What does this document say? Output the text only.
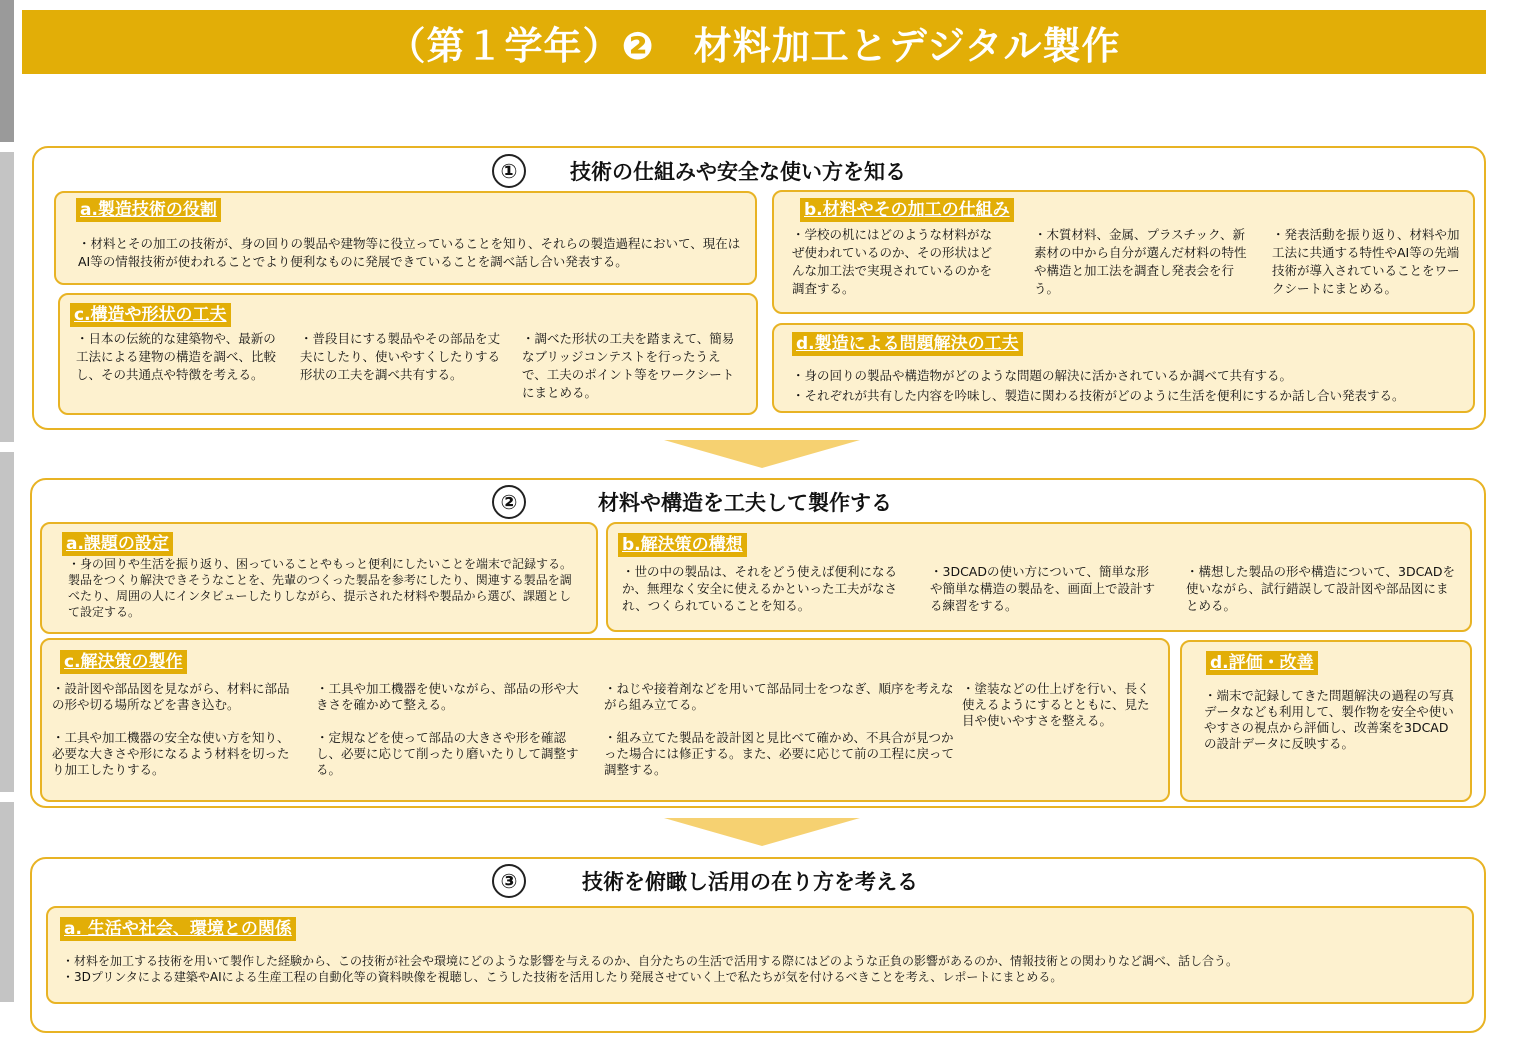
（第１学年）❷　材料加工とデジタル製作
①	技術の仕組みや安全な使い方を知る
a.製造技術の役割
・材料とその加工の技術が、身の回りの製品や建物等に役立っていることを知り、それらの製造過程において、現在はAI等の情報技術が使われることでより便利なものに発展できていることを調べ話し合い発表する。
c.構造や形状の工夫
・日本の伝統的な建築物や、最新の工法による建物の構造を調べ、比較し、その共通点や特徴を考える。
・普段目にする製品やその部品を丈夫にしたり、使いやすくしたりする形状の工夫を調べ共有する。
・調べた形状の工夫を踏まえて、簡易なブリッジコンテストを行ったうえで、工夫のポイント等をワークシートにまとめる。
b.材料やその加工の仕組み
・学校の机にはどのような材料がなぜ使われているのか、その形状はどんな加工法で実現されているのかを調査する。
・木質材料、金属、プラスチック、新素材の中から自分が選んだ材料の特性や構造と加工法を調査し発表会を行う。
・発表活動を振り返り、材料や加工法に共通する特性やAI等の先端技術が導入されていることをワークシートにまとめる。
d.製造による問題解決の工夫
・身の回りの製品や構造物がどのような問題の解決に活かされているか調べて共有する。
・それぞれが共有した内容を吟味し、製造に関わる技術がどのように生活を便利にするか話し合い発表する。
②	材料や構造を工夫して製作する
a.課題の設定
・身の回りや生活を振り返り、困っていることやもっと便利にしたいことを端末で記録する。製品をつくり解決できそうなことを、先輩のつくった製品を参考にしたり、関連する製品を調べたり、周囲の人にインタビューしたりしながら、提示された材料や製品から選び、課題として設定する。
b.解決策の構想
・世の中の製品は、それをどう使えば便利になるか、無理なく安全に使えるかといった工夫がなされ、つくられていることを知る。
・3DCADの使い方について、簡単な形や簡単な構造の製品を、画面上で設計する練習をする。
・構想した製品の形や構造について、3DCADを使いながら、試行錯誤して設計図や部品図にまとめる。
c.解決策の製作
・設計図や部品図を見ながら、材料に部品の形や切る場所などを書き込む。
・工具や加工機器の安全な使い方を知り、必要な大きさや形になるよう材料を切ったり加工したりする。
・工具や加工機器を使いながら、部品の形や大きさを確かめて整える。
・定規などを使って部品の大きさや形を確認し、必要に応じて削ったり磨いたりして調整する。
・ねじや接着剤などを用いて部品同士をつなぎ、順序を考えながら組み立てる。
・組み立てた製品を設計図と見比べて確かめ、不具合が見つかった場合には修正する。また、必要に応じて前の工程に戻って調整する。
・塗装などの仕上げを行い、長く使えるようにするとともに、見た目や使いやすさを整える。
d.評価・改善
・端末で記録してきた問題解決の過程の写真データなども利用して、製作物を安全や使いやすさの視点から評価し、改善案を3DCADの設計データに反映する。
③	技術を俯瞰し活用の在り方を考える
a. 生活や社会、環境との関係
・材料を加工する技術を用いて製作した経験から、この技術が社会や環境にどのような影響を与えるのか、自分たちの生活で活用する際にはどのような正負の影響があるのか、情報技術との関わりなど調べ、話し合う。
・3Dプリンタによる建築やAIによる生産工程の自動化等の資料映像を視聴し、こうした技術を活用したり発展させていく上で私たちが気を付けるべきことを考え、レポートにまとめる。
